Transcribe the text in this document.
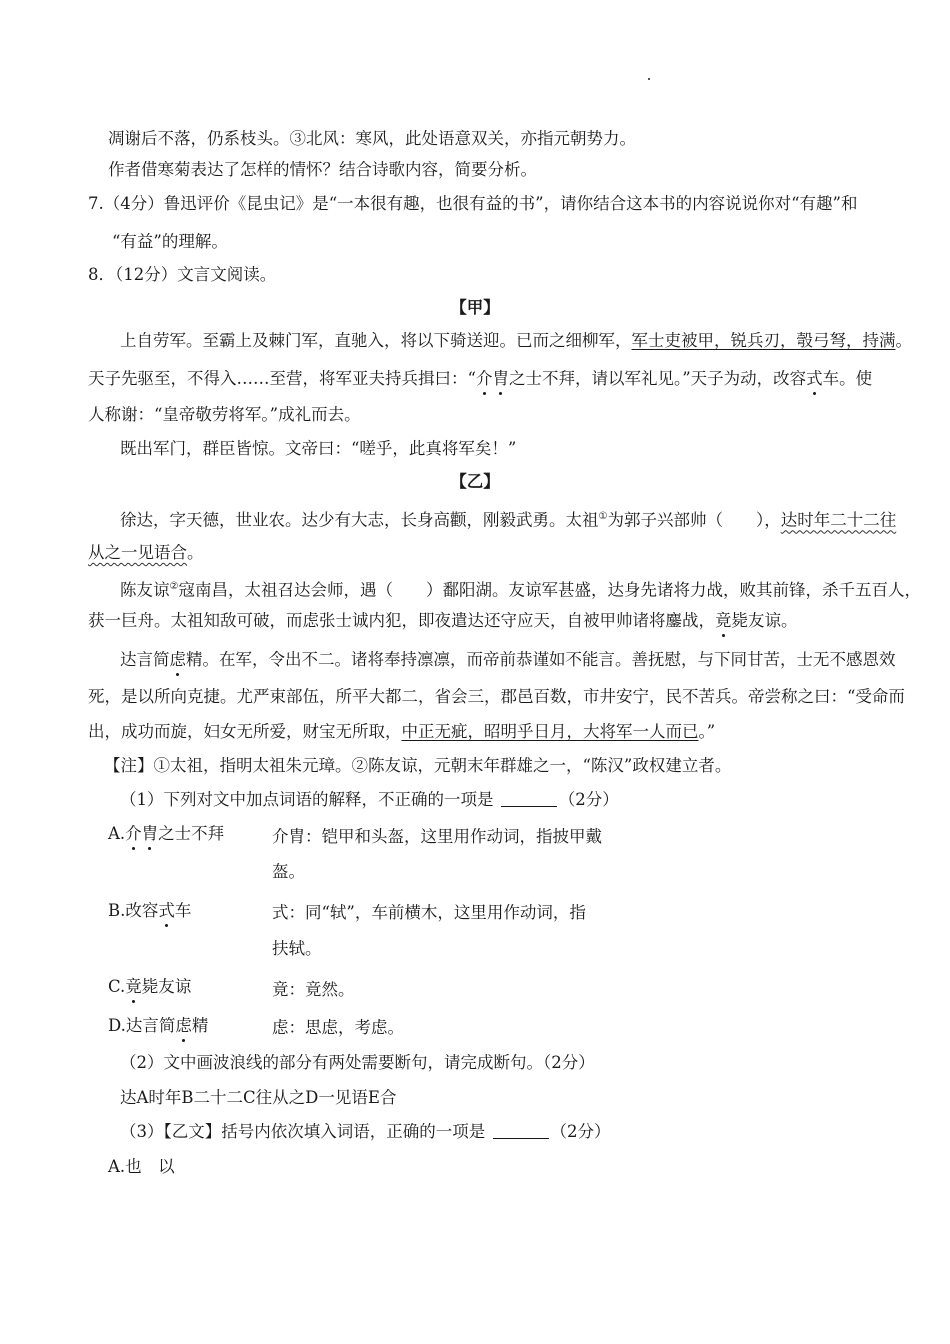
凋谢后不落，仍系枝头。③北风：寒风，此处语意双关，亦指元朝势力。
作者借寒菊表达了怎样的情怀？结合诗歌内容，简要分析。
7.（4分）鲁迅评价《昆虫记》是“一本很有趣，也很有益的书”，请你结合这本书的内容说说你对“有趣”和
“有益”的理解。
8．（12分）文言文阅读。
【甲】
上自劳军。至霸上及棘门军，直驰入，将以下骑送迎。已而之细柳军，军士吏被甲，锐兵刃，彀弓弩，持满。
天子先驱至，不得入……至营，将军亚夫持兵揖曰：“介胄之士不拜，请以军礼见。”天子为动，改容式车。使
人称谢：“皇帝敬劳将军。”成礼而去。
既出军门，群臣皆惊。文帝曰：“嗟乎，此真将军矣！”
【乙】
徐达，字天德，世业农。达少有大志，长身高颧，刚毅武勇。太祖①为郭子兴部帅（　　），达时年二十二往
从之一见语合。
陈友谅②寇南昌，太祖召达会师，遇（　　）鄱阳湖。友谅军甚盛，达身先诸将力战，败其前锋，杀千五百人，
获一巨舟。太祖知敌可破，而虑张士诚内犯，即夜遣达还守应天，自被甲帅诸将鏖战，竟毙友谅。
达言简虑精。在军，令出不二。诸将奉持凛凛，而帝前恭谨如不能言。善抚慰，与下同甘苦，士无不感恩效
死，是以所向克捷。尤严束部伍，所平大都二，省会三，郡邑百数，市井安宁，民不苦兵。帝尝称之曰：“受命而
出，成功而旋，妇女无所爱，财宝无所取，中正无疵，昭明乎日月，大将军一人而已。”
【注】①太祖，指明太祖朱元璋。②陈友谅，元朝末年群雄之一，“陈汉”政权建立者。
（1）下列对文中加点词语的解释，不正确的一项是	（2分）
A.介胄之士不拜	介胄：铠甲和头盔，这里用作动词，指披甲戴
盔。
B.改容式车	式：同“轼”，车前横木，这里用作动词，指
扶轼。
C.竟毙友谅	竟：竟然。
D.达言简虑精	虑：思虑，考虑。
（2）文中画波浪线的部分有两处需要断句，请完成断句。（2分）
达A时年B二十二C往从之D一见语E合
（3）【乙文】括号内依次填入词语，正确的一项是	（2分）
A.也　以
